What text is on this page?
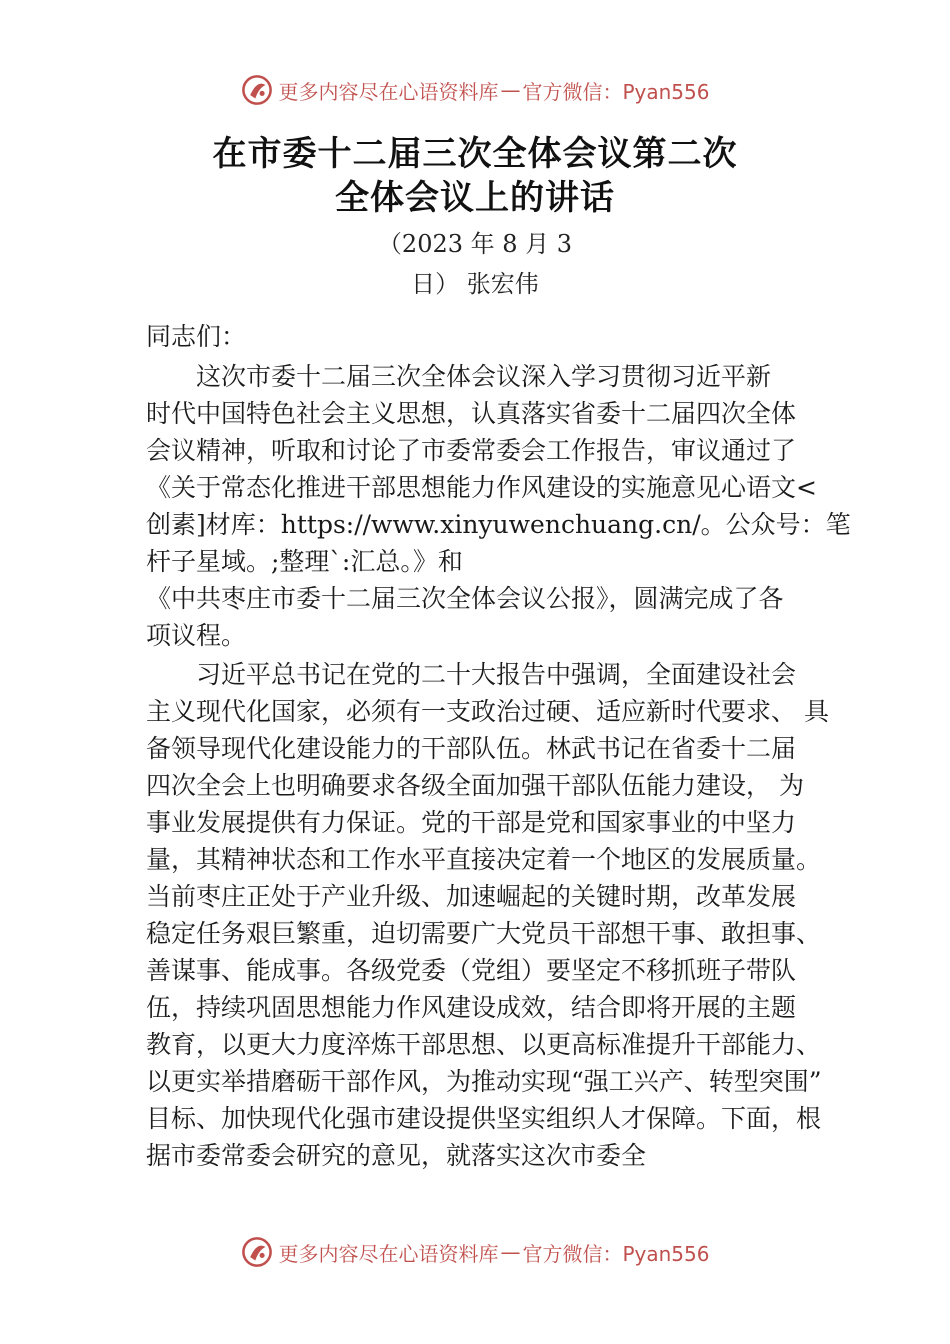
更多内容尽在心语资料库 — 官方微信：Pyan556
在市委十二届三次全体会议第二次
全体会议上的讲话
（2023 年 8 月 3
日） 张宏伟
同志们：
这次市委十二届三次全体会议深入学习贯彻习近平新
时代中国特色社会主义思想，认真落实省委十二届四次全体
会议精神，听取和讨论了市委常委会工作报告，审议通过了
《关于常态化推进干部思想能力作风建设的实施意见心语文<
创素]材库：https://www.xinyuwenchuang.cn/。公众号：笔
杆子星域。;整理`:汇总。》和
《中共枣庄市委十二届三次全体会议公报》，圆满完成了各
项议程。
习近平总书记在党的二十大报告中强调，全面建设社会
主义现代化国家，必须有一支政治过硬、适应新时代要求、 具
备领导现代化建设能力的干部队伍。林武书记在省委十二届
四次全会上也明确要求各级全面加强干部队伍能力建设， 为
事业发展提供有力保证。党的干部是党和国家事业的中坚力
量，其精神状态和工作水平直接决定着一个地区的发展质量。
当前枣庄正处于产业升级、加速崛起的关键时期，改革发展
稳定任务艰巨繁重，迫切需要广大党员干部想干事、敢担事、
善谋事、能成事。各级党委（党组）要坚定不移抓班子带队
伍，持续巩固思想能力作风建设成效，结合即将开展的主题
教育，以更大力度淬炼干部思想、以更高标准提升干部能力、
以更实举措磨砺干部作风，为推动实现“强工兴产、转型突围”
目标、加快现代化强市建设提供坚实组织人才保障。下面，根
据市委常委会研究的意见，就落实这次市委全
更多内容尽在心语资料库 — 官方微信：Pyan556
